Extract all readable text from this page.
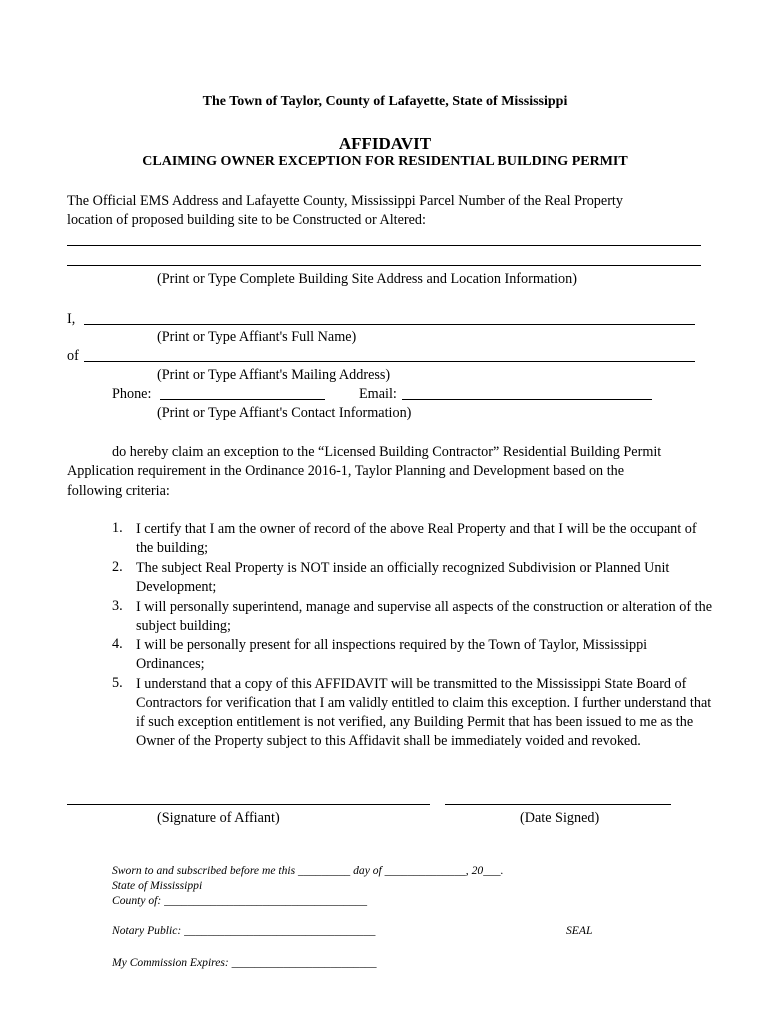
The Town of Taylor, County of Lafayette, State of Mississippi
AFFIDAVIT
CLAIMING OWNER EXCEPTION FOR RESIDENTIAL BUILDING PERMIT
The Official EMS Address and Lafayette County, Mississippi Parcel Number of the Real Property
location of proposed building site to be Constructed or Altered:
(Print or Type Complete Building Site Address and Location Information)
I,
(Print or Type Affiant's Full Name)
of
(Print or Type Affiant's Mailing Address)
Phone:	Email:
(Print or Type Affiant's Contact Information)
do hereby claim an exception to the “Licensed Building Contractor” Residential Building Permit
Application requirement in the Ordinance 2016-1, Taylor Planning and Development based on the
following criteria:
1. I certify that I am the owner of record of the above Real Property and that I will be the occupant of the building;
2. The subject Real Property is NOT inside an officially recognized Subdivision or Planned Unit Development;
3. I will personally superintend, manage and supervise all aspects of the construction or alteration of the subject building;
4. I will be personally present for all inspections required by the Town of Taylor, Mississippi Ordinances;
5. I understand that a copy of this AFFIDAVIT will be transmitted to the Mississippi State Board of Contractors for verification that I am validly entitled to claim this exception. I further understand that if such exception entitlement is not verified, any Building Permit that has been issued to me as the Owner of the Property subject to this Affidavit shall be immediately voided and revoked.
(Signature of Affiant)	(Date Signed)
Sworn to and subscribed before me this _________ day of ______________, 20___.
State of Mississippi
County of: ___________________________________
Notary Public: _________________________________	SEAL
My Commission Expires: _________________________
